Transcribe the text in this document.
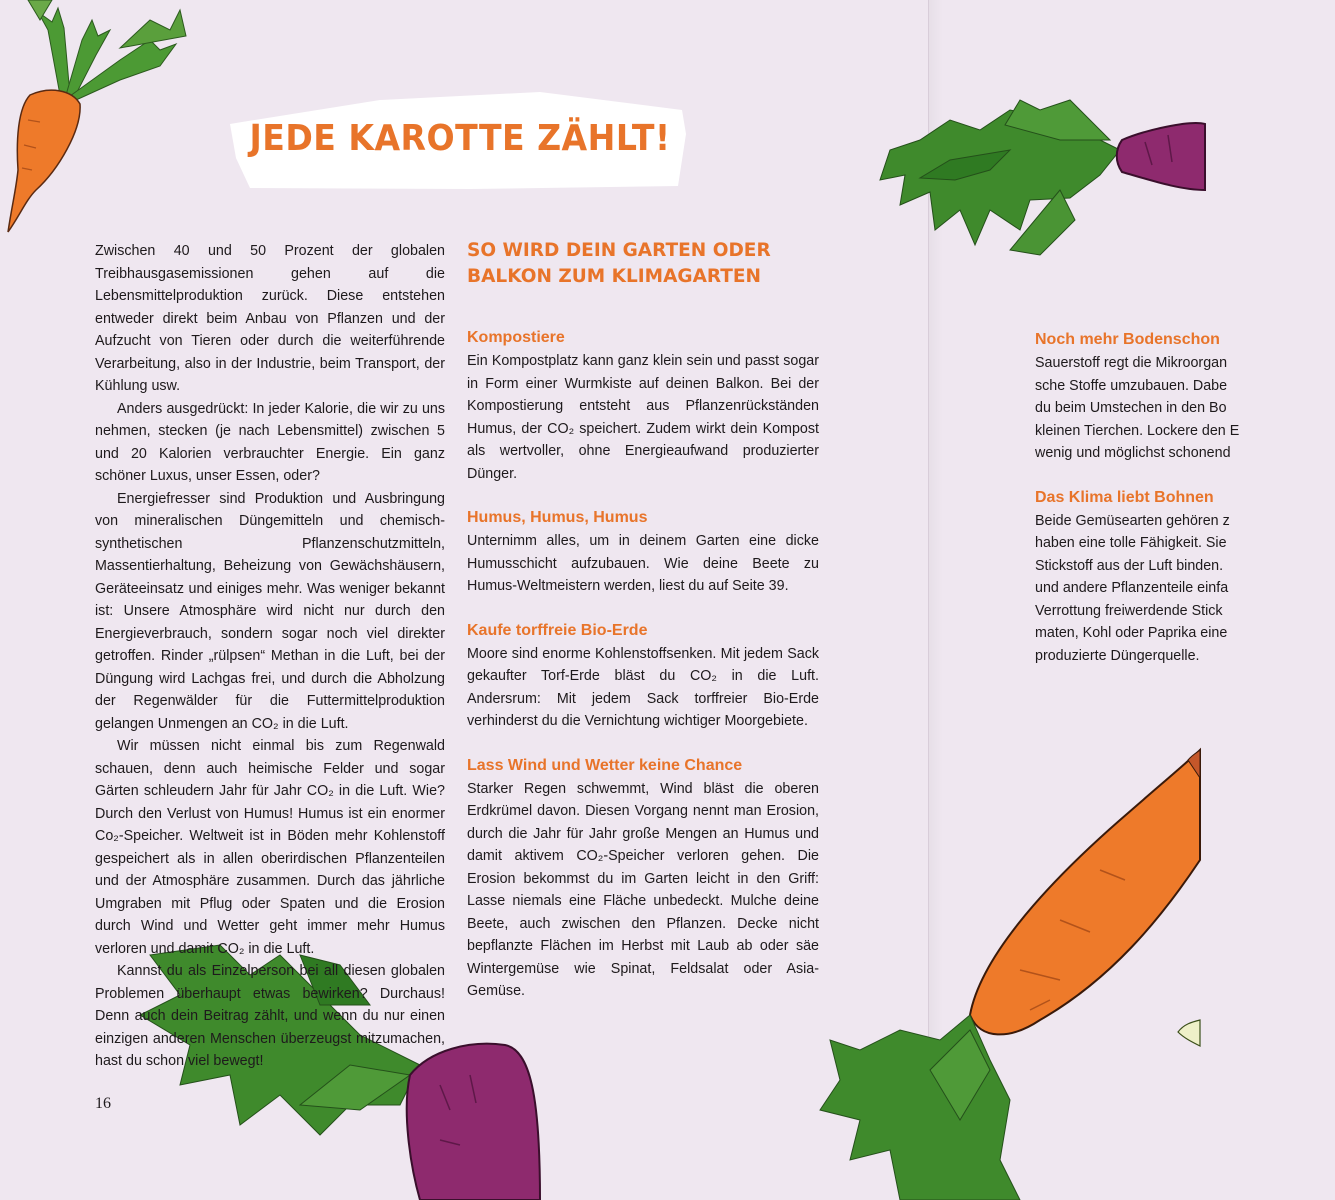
JEDE KAROTTE ZÄHLT!

Zwischen 40 und 50 Prozent der globalen Treibhausgasemissionen gehen auf die Lebensmittelproduktion zurück. Diese entstehen entweder direkt beim Anbau von Pflanzen und der Aufzucht von Tieren oder durch die weiterführende Verarbeitung, also in der Industrie, beim Transport, der Kühlung usw.

Anders ausgedrückt: In jeder Kalorie, die wir zu uns nehmen, stecken (je nach Lebensmittel) zwischen 5 und 20 Kalorien verbrauchter Energie. Ein ganz schöner Luxus, unser Essen, oder?

Energiefresser sind Produktion und Ausbringung von mineralischen Düngemitteln und chemisch-synthetischen Pflanzenschutzmitteln, Massentierhaltung, Beheizung von Gewächshäusern, Geräteeinsatz und einiges mehr. Was weniger bekannt ist: Unsere Atmosphäre wird nicht nur durch den Energieverbrauch, sondern sogar noch viel direkter getroffen. Rinder „rülpsen“ Methan in die Luft, bei der Düngung wird Lachgas frei, und durch die Abholzung der Regenwälder für die Futtermittelproduktion gelangen Unmengen an CO₂ in die Luft.

Wir müssen nicht einmal bis zum Regenwald schauen, denn auch heimische Felder und sogar Gärten schleudern Jahr für Jahr CO₂ in die Luft. Wie? Durch den Verlust von Humus! Humus ist ein enormer Co₂-Speicher. Weltweit ist in Böden mehr Kohlenstoff gespeichert als in allen oberirdischen Pflanzenteilen und der Atmosphäre zusammen. Durch das jährliche Umgraben mit Pflug oder Spaten und die Erosion durch Wind und Wetter geht immer mehr Humus verloren und damit CO₂ in die Luft.

Kannst du als Einzelperson bei all diesen globalen Problemen überhaupt etwas bewirken? Durchaus! Denn auch dein Beitrag zählt, und wenn du nur einen einzigen anderen Menschen überzeugst mitzumachen, hast du schon viel bewegt!

SO WIRD DEIN GARTEN ODER BALKON ZUM KLIMAGARTEN
Kompostiere

Ein Kompostplatz kann ganz klein sein und passt sogar in Form einer Wurmkiste auf deinen Balkon. Bei der Kompostierung entsteht aus Pflanzenrückständen Humus, der CO₂ speichert. Zudem wirkt dein Kompost als wertvoller, ohne Energieaufwand produzierter Dünger.

Humus, Humus, Humus

Unternimm alles, um in deinem Garten eine dicke Humusschicht aufzubauen. Wie deine Beete zu Humus-Weltmeistern werden, liest du auf Seite 39.

Kaufe torffreie Bio-Erde

Moore sind enorme Kohlenstoffsenken. Mit jedem Sack gekaufter Torf-Erde bläst du CO₂ in die Luft. Andersrum: Mit jedem Sack torffreier Bio-Erde verhinderst du die Vernichtung wichtiger Moorgebiete.

Lass Wind und Wetter keine Chance

Starker Regen schwemmt, Wind bläst die oberen Erdkrümel davon. Diesen Vorgang nennt man Erosion, durch die Jahr für Jahr große Mengen an Humus und damit aktivem CO₂-Speicher verloren gehen. Die Erosion bekommst du im Garten leicht in den Griff: Lasse niemals eine Fläche unbedeckt. Mulche deine Beete, auch zwischen den Pflanzen. Decke nicht bepflanzte Flächen im Herbst mit Laub ab oder säe Wintergemüse wie Spinat, Feldsalat oder Asia-Gemüse.

Noch mehr Bodenschon
Sauerstoff regt die Mikroorgan
sche Stoffe umzubauen. Dabe
du beim Umstechen in den Bo
kleinen Tierchen. Lockere den E
wenig und möglichst schonend
Das Klima liebt Bohnen
Beide Gemüsearten gehören z
haben eine tolle Fähigkeit. Sie
Stickstoff aus der Luft binden.
und andere Pflanzenteile einfa
Verrottung freiwerdende Stick
maten, Kohl oder Paprika eine
produzierte Düngerquelle.
16
